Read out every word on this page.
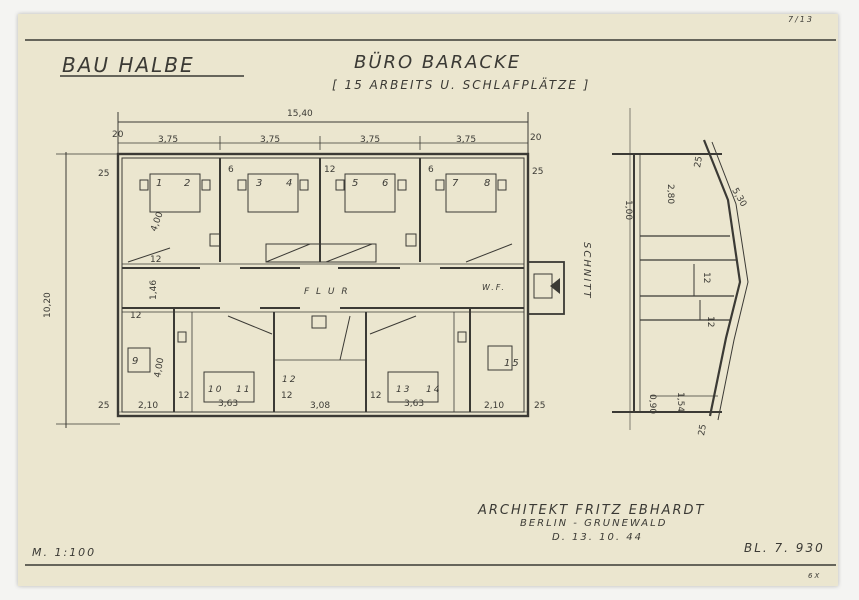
BAU HALBE	BÜRO BARACKE
[ 15 ARBEITS U. SCHLAFPLÄTZE ]
7/13
15,40
3,75	3,75	3,75	3,75
10,20
20	20
25	25
4,00
12
1,46
12
4,00
25	25
6	6
12
12	12
12
2	3 4	5 6	7 8
1
F L U R	W.F.
9
10 11
12
13 14
15
2,10	3,63	3,08	3,63	2,10
SCHNITT
1,00
2,80	5,30
0,90 1,54
25
12
12
25
ARCHITEKT FRITZ EBHARDT
BERLIN - GRUNEWALD
D. 13. 10. 44
M. 1:100	BL. 7. 930
6X
